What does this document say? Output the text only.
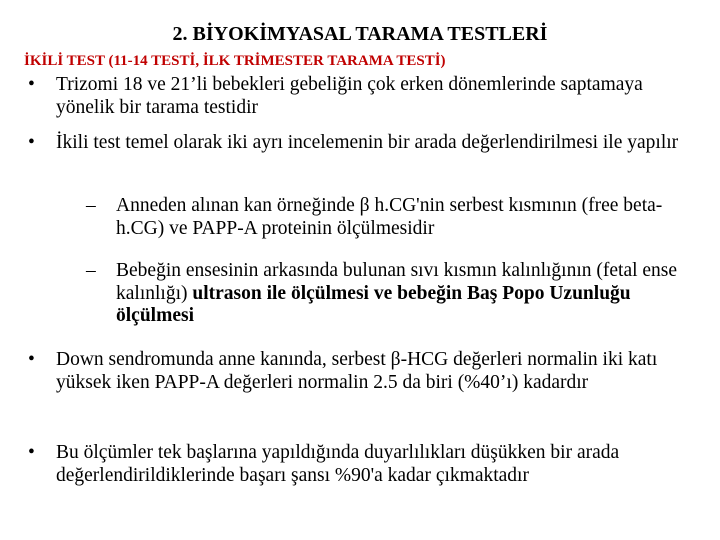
2. BİYOKİMYASAL TARAMA TESTLERİ
İKİLİ TEST (11-14 TESTİ, İLK TRİMESTER TARAMA TESTİ)
• Trizomi 18 ve 21’li bebekleri gebeliğin çok erken dönemlerinde saptamaya yönelik bir tarama testidir
• İkili test temel olarak iki ayrı incelemenin bir arada değerlendirilmesi ile yapılır
– Anneden alınan kan örneğinde β h.CG'nin serbest kısmının (free beta-h.CG) ve PAPP-A proteinin ölçülmesidir
– Bebeğin ensesinin arkasında bulunan sıvı kısmın kalınlığının (fetal ense kalınlığı) ultrason ile ölçülmesi ve bebeğin Baş Popo Uzunluğu ölçülmesi
• Down sendromunda anne kanında, serbest β-HCG değerleri normalin iki katı yüksek iken PAPP-A değerleri normalin 2.5 da biri (%40’ı) kadardır
• Bu ölçümler tek başlarına yapıldığında duyarlılıkları düşükken bir arada değerlendirildiklerinde başarı şansı %90'a kadar çıkmaktadır
